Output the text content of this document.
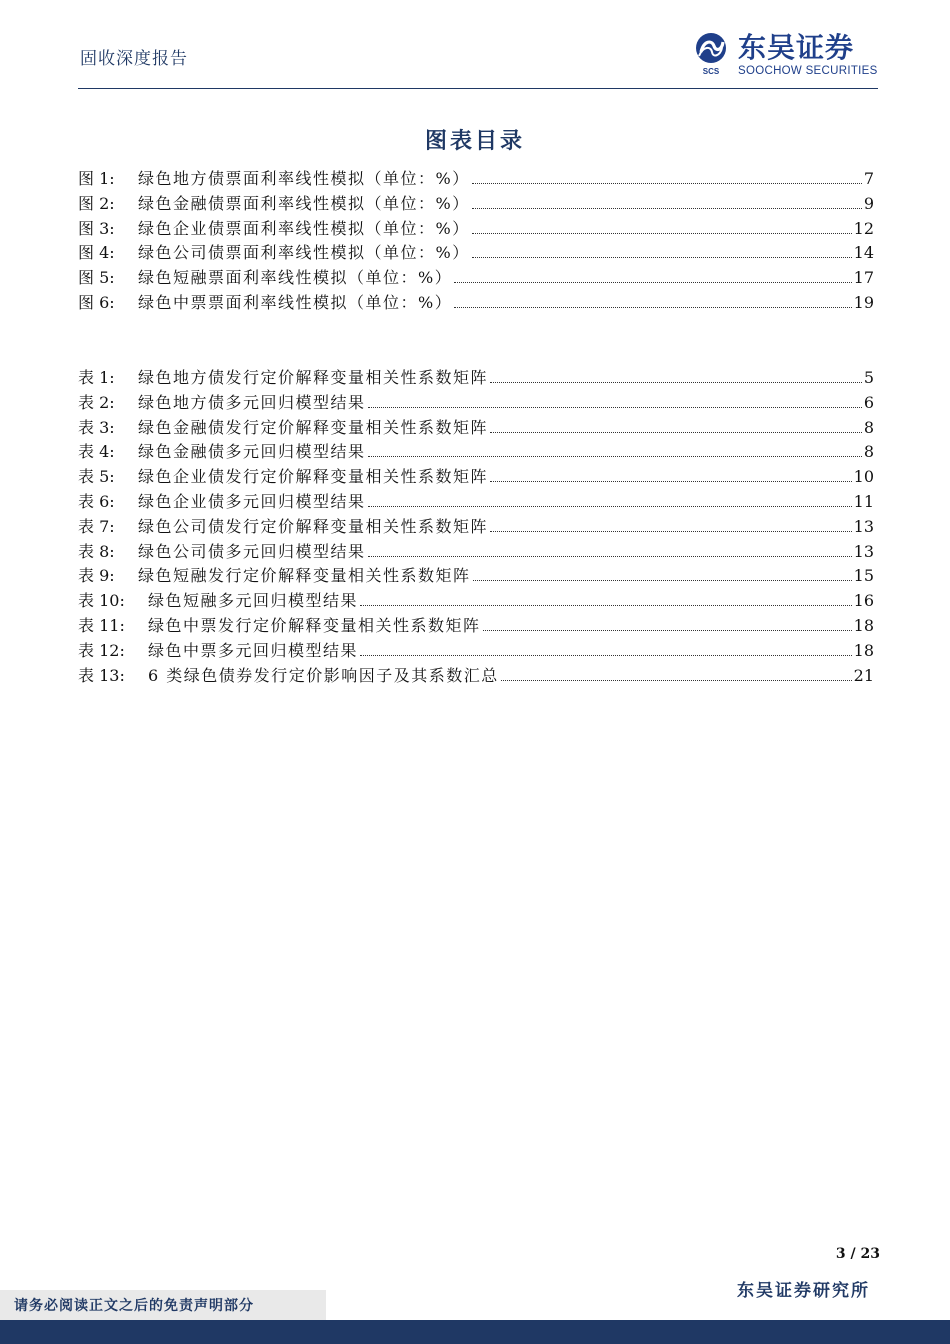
固收深度报告
SCS
东吴证券
SOOCHOW SECURITIES
图表目录
图 1:	绿色地方债票面利率线性模拟（单位：%）	7
图 2:	绿色金融债票面利率线性模拟（单位：%）	9
图 3:	绿色企业债票面利率线性模拟（单位：%）	12
图 4:	绿色公司债票面利率线性模拟（单位：%）	14
图 5:	绿色短融票面利率线性模拟（单位：%）	17
图 6:	绿色中票票面利率线性模拟（单位：%）	19
表 1:	绿色地方债发行定价解释变量相关性系数矩阵	5
表 2:	绿色地方债多元回归模型结果	6
表 3:	绿色金融债发行定价解释变量相关性系数矩阵	8
表 4:	绿色金融债多元回归模型结果	8
表 5:	绿色企业债发行定价解释变量相关性系数矩阵	10
表 6:	绿色企业债多元回归模型结果	11
表 7:	绿色公司债发行定价解释变量相关性系数矩阵	13
表 8:	绿色公司债多元回归模型结果	13
表 9:	绿色短融发行定价解释变量相关性系数矩阵	15
表 10:	绿色短融多元回归模型结果	16
表 11:	绿色中票发行定价解释变量相关性系数矩阵	18
表 12:	绿色中票多元回归模型结果	18
表 13:	6 类绿色债券发行定价影响因子及其系数汇总	21
3 / 23
东吴证券研究所
请务必阅读正文之后的免责声明部分
